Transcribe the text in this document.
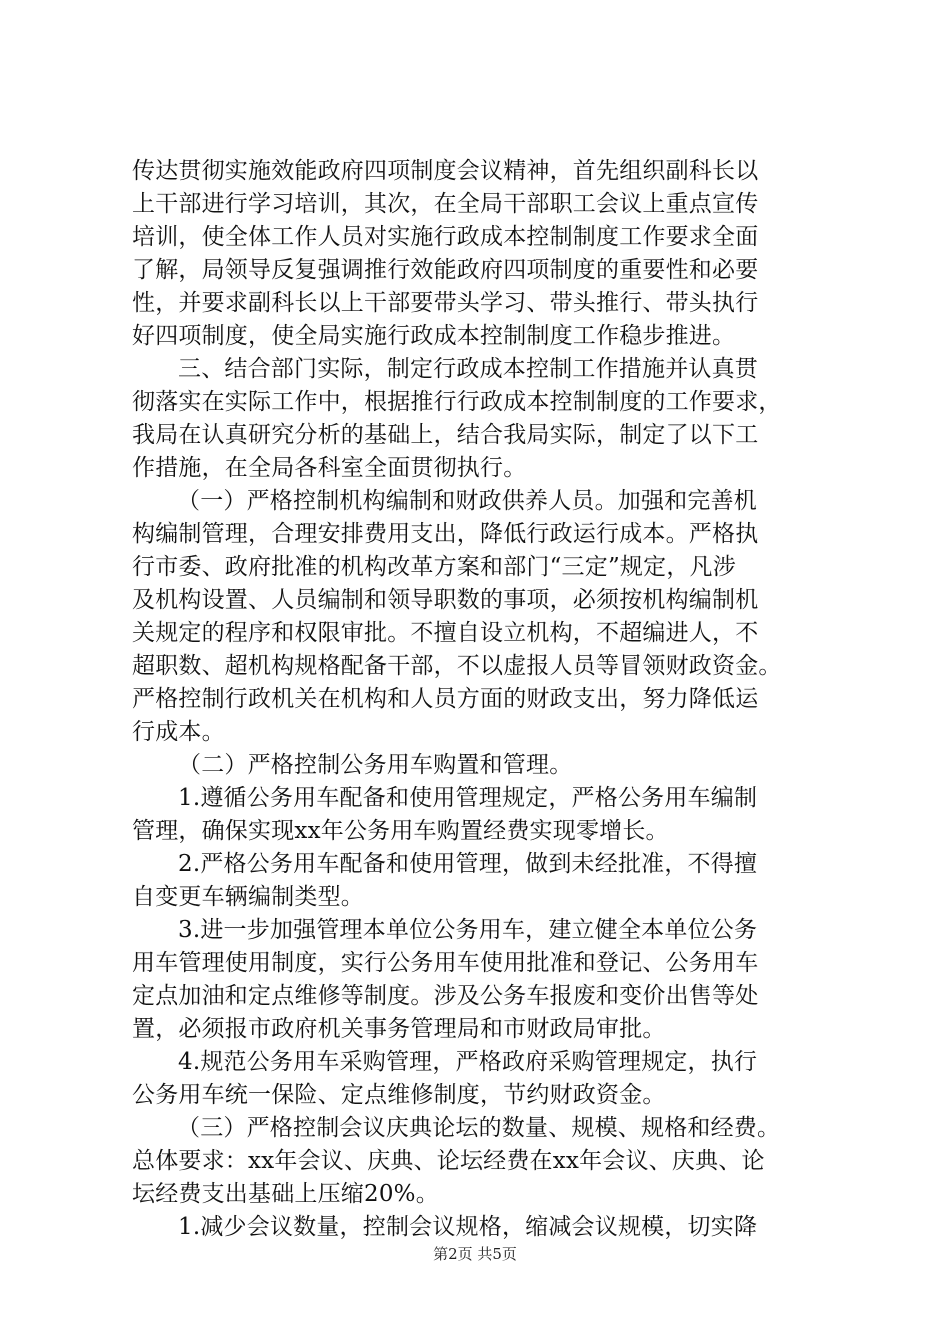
传达贯彻实施效能政府四项制度会议精神，首先组织副科长以
上干部进行学习培训，其次，在全局干部职工会议上重点宣传
培训，使全体工作人员对实施行政成本控制制度工作要求全面
了解，局领导反复强调推行效能政府四项制度的重要性和必要
性，并要求副科长以上干部要带头学习、带头推行、带头执行
好四项制度，使全局实施行政成本控制制度工作稳步推进。
三、结合部门实际，制定行政成本控制工作措施并认真贯
彻落实在实际工作中，根据推行行政成本控制制度的工作要求，
我局在认真研究分析的基础上，结合我局实际，制定了以下工
作措施，在全局各科室全面贯彻执行。
（一）严格控制机构编制和财政供养人员。加强和完善机
构编制管理，合理安排费用支出，降低行政运行成本。严格执
行市委、政府批准的机构改革方案和部门“三定”规定，凡涉
及机构设置、人员编制和领导职数的事项，必须按机构编制机
关规定的程序和权限审批。不擅自设立机构，不超编进人，不
超职数、超机构规格配备干部，不以虚报人员等冒领财政资金。
严格控制行政机关在机构和人员方面的财政支出，努力降低运
行成本。
（二）严格控制公务用车购置和管理。
1.遵循公务用车配备和使用管理规定，严格公务用车编制
管理，确保实现xx年公务用车购置经费实现零增长。
2.严格公务用车配备和使用管理，做到未经批准，不得擅
自变更车辆编制类型。
3.进一步加强管理本单位公务用车，建立健全本单位公务
用车管理使用制度，实行公务用车使用批准和登记、公务用车
定点加油和定点维修等制度。涉及公务车报废和变价出售等处
置，必须报市政府机关事务管理局和市财政局审批。
4.规范公务用车采购管理，严格政府采购管理规定，执行
公务用车统一保险、定点维修制度，节约财政资金。
（三）严格控制会议庆典论坛的数量、规模、规格和经费。
总体要求：xx年会议、庆典、论坛经费在xx年会议、庆典、论
坛经费支出基础上压缩20%。
1.减少会议数量，控制会议规格，缩减会议规模，切实降
第2页 共5页
